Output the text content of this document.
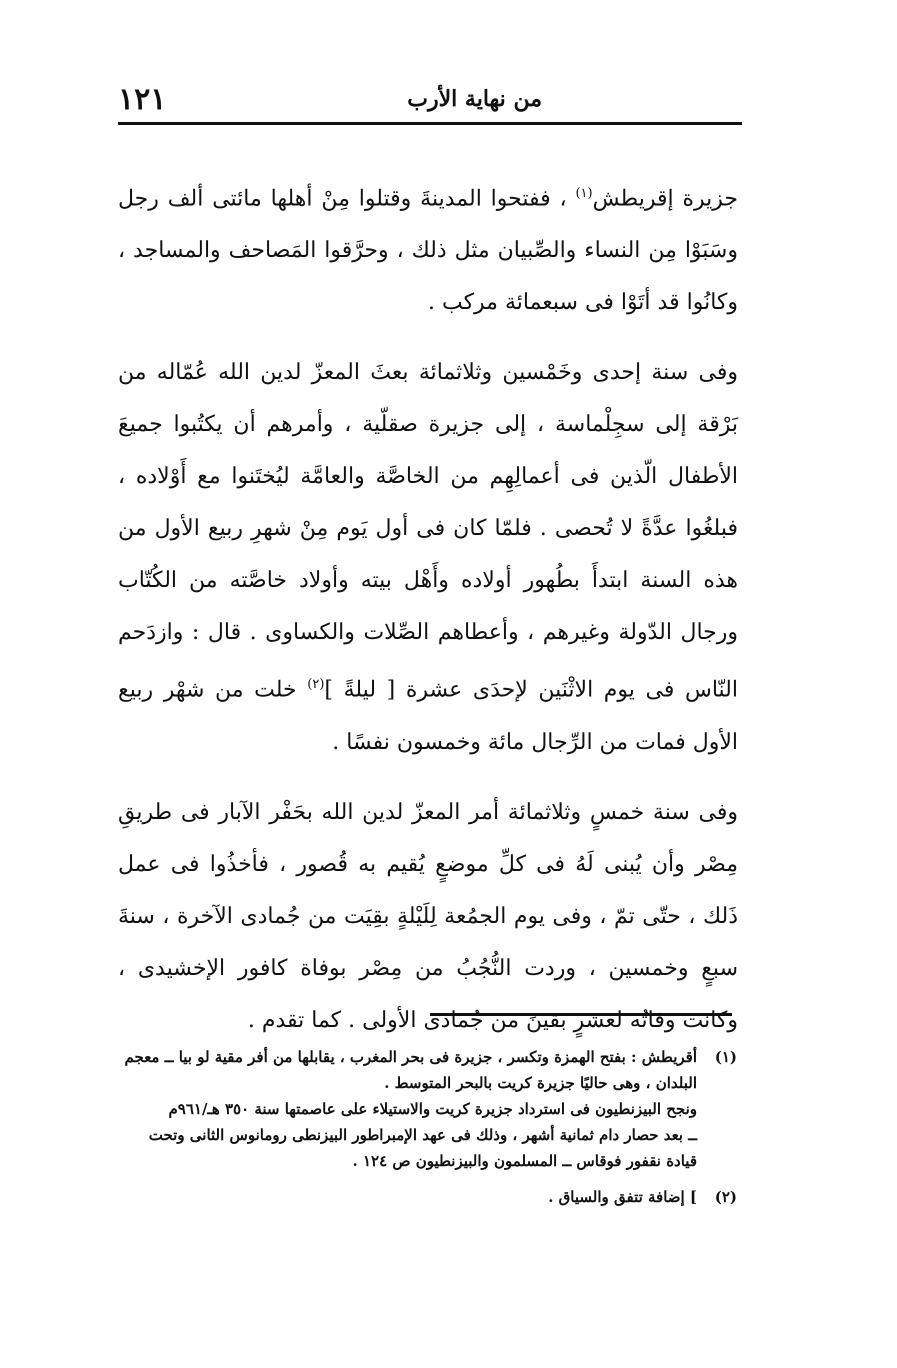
١٢١	من نهاية الأرب

جزيرة إقريطش$^{(١)}$ ، ففتحوا المدينةَ وقتلوا مِنْ أهلها مائتى ألف رجل وسَبَوْا مِن النساء والصِّبيان مثل ذلك ، وحرَّقوا المَصاحف والمساجد ، وكانُوا قد أتَوْا فى سبعمائة مركب .

وفى سنة إحدى وخَمْسين وثلاثمائة بعثَ المعزّ لدين الله عُمّاله من بَرْقة إلى سجِلْماسة ، إلى جزيرة صقلّية ، وأمرهم أن يكتُبوا جميعَ الأطفال الّذين فى أعمالِهِم من الخاصَّة والعامَّة ليُختَنوا مع أَوْلاده ، فبلغُوا عدَّةً لا تُحصى . فلمّا كان فى أول يَوم مِنْ شهرِ ربيع الأول من هذه السنة ابتدأَ بطُهور أولاده وأَهْل بيته وأولاد خاصَّته من الكُتّاب ورجال الدّولة وغيرهم ، وأعطاهم الصِّلات والكساوى . قال : وازدَحم النّاس فى يوم الاثْنَين لإحدَى عشرة [ ليلةً ]$^{(٢)}$ خلت من شهْر ربيع الأول فمات من الرِّجال مائة وخمسون نفسًا .

وفى سنة خمسٍ وثلاثمائة أمر المعزّ لدين الله بحَفْر الآبار فى طريقِ مِصْر وأن يُبنى لَهُ فى كلِّ موضعٍ يُقيم به قُصور ، فأخذُوا فى عمل ذَلك ، حتّى تمّ ، وفى يوم الجمُعة لِلَيْلةٍ بقِيَت من جُمادى الآخرة ، سنةَ سبعٍ وخمسين ، وردت النُّجُبُ من مِصْر بوفاة كافور الإخشيدى ، وكانت وفاتُه لعشرٍ بقينَ من جُمادى الأولى . كما تقدم .

(١)
أقريطش : بفتح الهمزة وتكسر ، جزيرة فى بحر المغرب ، يقابلها من أفر مقية لو بيا ــ معجم
البلدان ، وهى حاليًا جزيرة كريت بالبحر المتوسط .
ونجح البيزنطيون فى استرداد جزيرة كريت والاستيلاء على عاصمتها سنة ٣٥٠ هـ/٩٦١م
ــ بعد حصار دام ثمانية أشهر ، وذلك فى عهد الإمبراطور البيزنطى رومانوس الثانى وتحت
قيادة نقفور فوقاس ــ المسلمون والبيزنطيون ص ١٢٤ .
(٢)
] إضافة تتفق والسياق .
